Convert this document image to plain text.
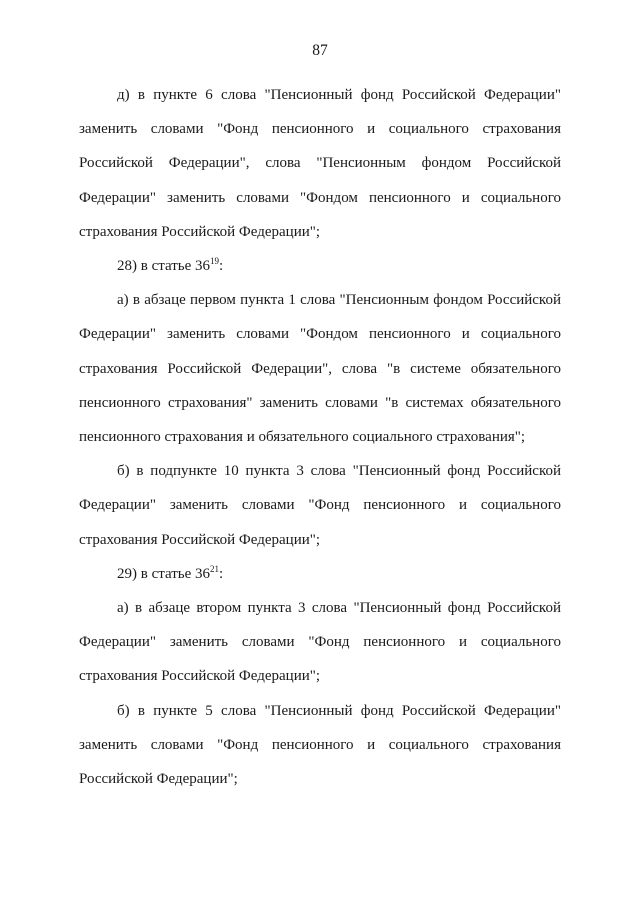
87

д) в пункте 6 слова "Пенсионный фонд Российской Федерации" заменить словами "Фонд пенсионного и социального страхования Российской Федерации", слова "Пенсионным фондом Российской Федерации" заменить словами "Фондом пенсионного и социального страхования Российской Федерации";

28) в статье $36^{19}$:

а) в абзаце первом пункта 1 слова "Пенсионным фондом Российской Федерации" заменить словами "Фондом пенсионного и социального страхования Российской Федерации", слова "в системе обязательного пенсионного страхования" заменить словами "в системах обязательного пенсионного страхования и обязательного социального страхования";

б) в подпункте 10 пункта 3 слова "Пенсионный фонд Российской Федерации" заменить словами "Фонд пенсионного и социального страхования Российской Федерации";

29) в статье $36^{21}$:

а) в абзаце втором пункта 3 слова "Пенсионный фонд Российской Федерации" заменить словами "Фонд пенсионного и социального страхования Российской Федерации";

б) в пункте 5 слова "Пенсионный фонд Российской Федерации" заменить словами "Фонд пенсионного и социального страхования Российской Федерации";
